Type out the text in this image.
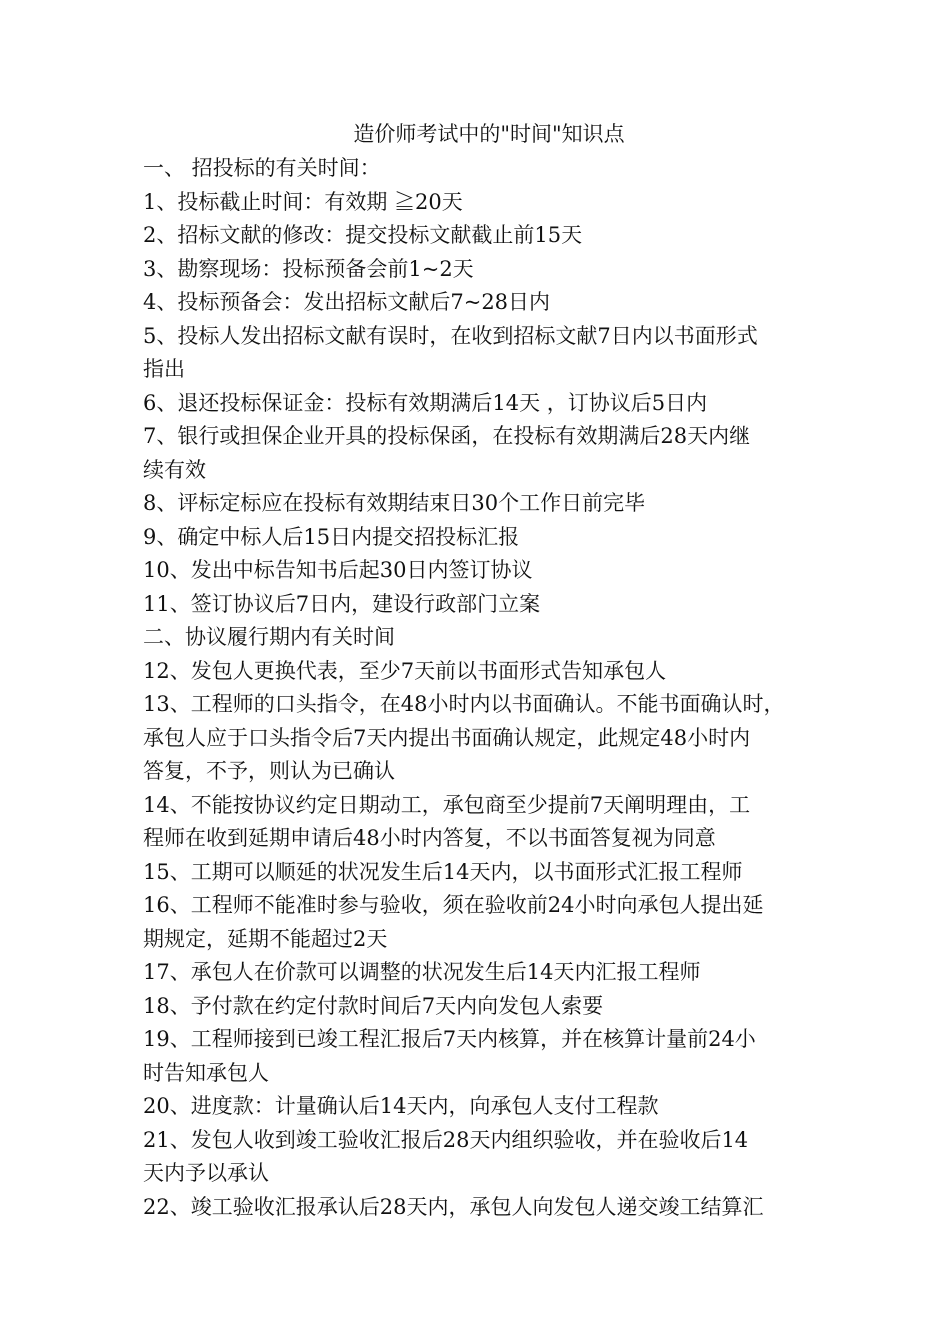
造价师考试中的"时间"知识点

一、 招投标的有关时间：

1、投标截止时间：有效期 ≧20天

2、招标文献的修改：提交投标文献截止前15天

3、勘察现场：投标预备会前1~2天

4、投标预备会：发出招标文献后7~28日内

5、投标人发出招标文献有误时，在收到招标文献7日内以书面形式

指出

6、退还投标保证金：投标有效期满后14天 ，订协议后5日内

7、银行或担保企业开具的投标保函，在投标有效期满后28天内继

续有效

8、评标定标应在投标有效期结束日30个工作日前完毕

9、确定中标人后15日内提交招投标汇报

10、发出中标告知书后起30日内签订协议

11、签订协议后7日内，建设行政部门立案

二、协议履行期内有关时间

12、发包人更换代表，至少7天前以书面形式告知承包人

13、工程师的口头指令，在48小时内以书面确认。不能书面确认时，

承包人应于口头指令后7天内提出书面确认规定，此规定48小时内

答复，不予，则认为已确认

14、不能按协议约定日期动工，承包商至少提前7天阐明理由，工

程师在收到延期申请后48小时内答复，不以书面答复视为同意

15、工期可以顺延的状况发生后14天内，以书面形式汇报工程师

16、工程师不能准时参与验收，须在验收前24小时向承包人提出延

期规定，延期不能超过2天

17、承包人在价款可以调整的状况发生后14天内汇报工程师

18、予付款在约定付款时间后7天内向发包人索要

19、工程师接到已竣工程汇报后7天内核算，并在核算计量前24小

时告知承包人

20、进度款：计量确认后14天内，向承包人支付工程款

21、发包人收到竣工验收汇报后28天内组织验收，并在验收后14

天内予以承认

22、竣工验收汇报承认后28天内，承包人向发包人递交竣工结算汇
